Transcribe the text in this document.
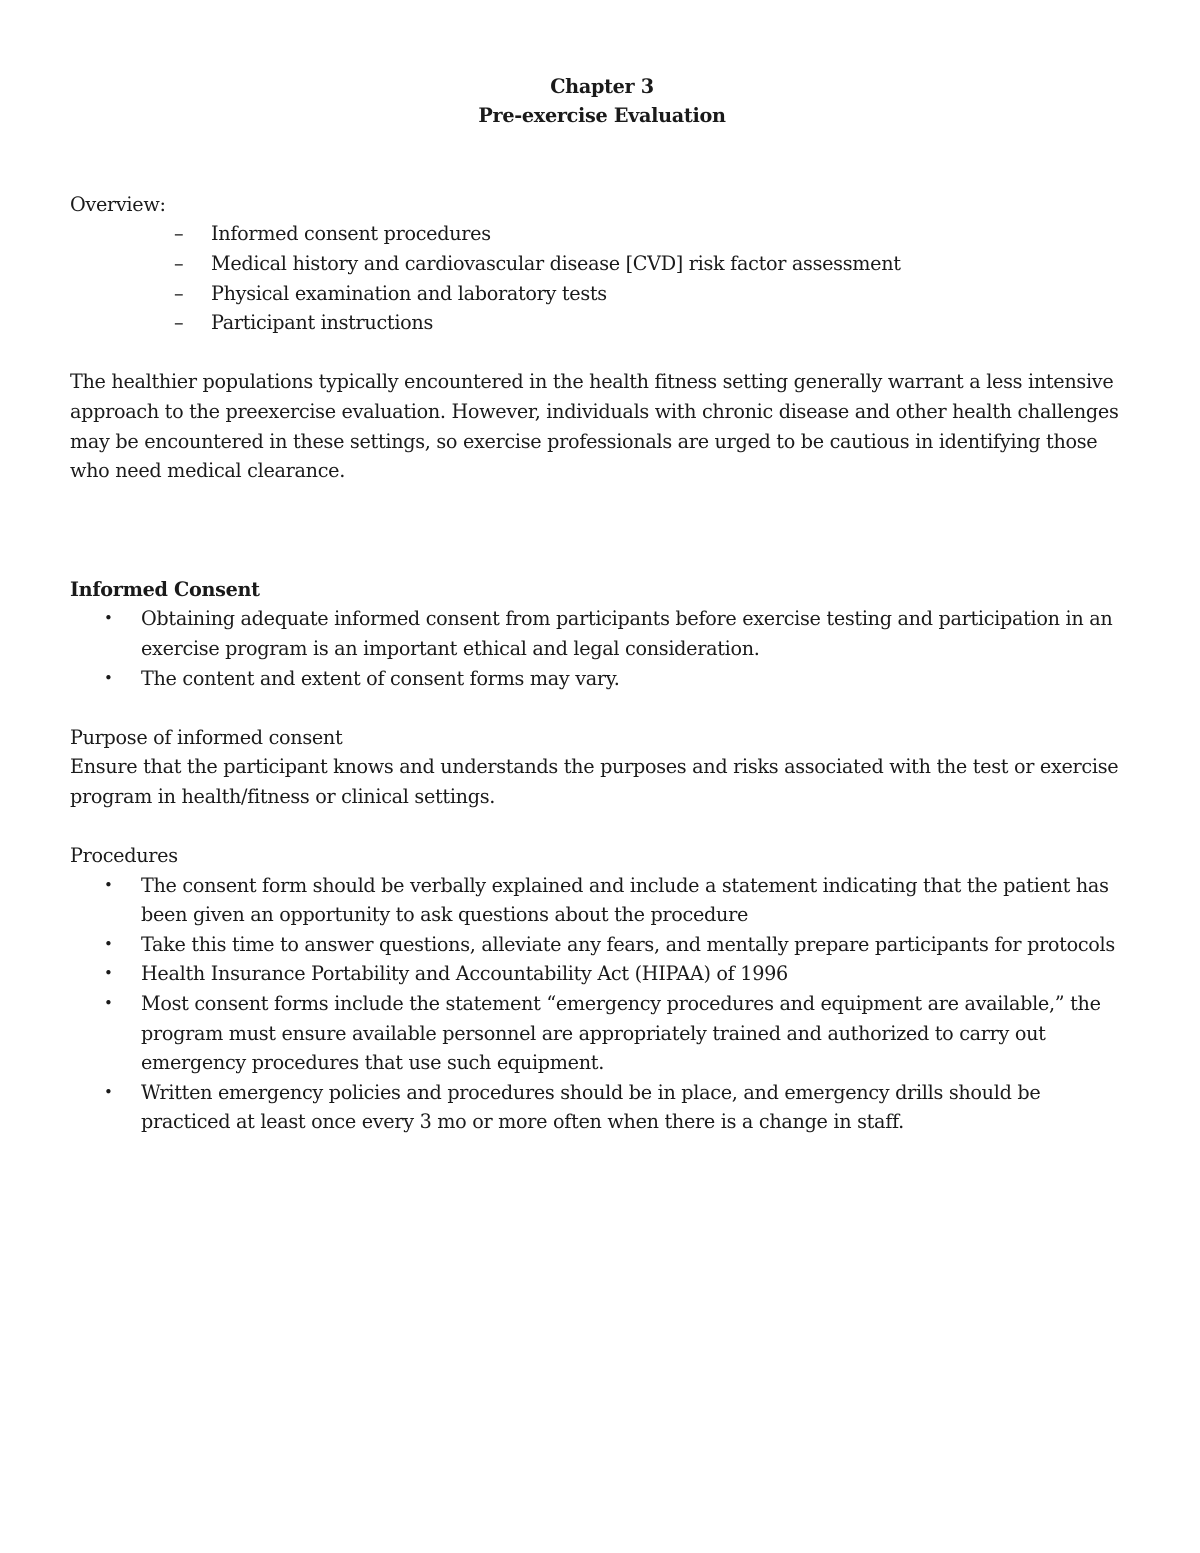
Chapter 3
Pre-exercise Evaluation
Overview:
– Informed consent procedures
– Medical history and cardiovascular disease [CVD] risk factor assessment
– Physical examination and laboratory tests
– Participant instructions

The healthier populations typically encountered in the health fitness setting generally warrant a less intensive approach to the preexercise evaluation. However, individuals with chronic disease and other health challenges may be encountered in these settings, so exercise professionals are urged to be cautious in identifying those who need medical clearance.

Informed Consent
• Obtaining adequate informed consent from participants before exercise testing and participation in an exercise program is an important ethical and legal consideration.
• The content and extent of consent forms may vary.
Purpose of informed consent

Ensure that the participant knows and understands the purposes and risks associated with the test or exercise program in health/fitness or clinical settings.

Procedures
• The consent form should be verbally explained and include a statement indicating that the patient has been given an opportunity to ask questions about the procedure
• Take this time to answer questions, alleviate any fears, and mentally prepare participants for protocols
• Health Insurance Portability and Accountability Act (HIPAA) of 1996
• Most consent forms include the statement “emergency procedures and equipment are available,” the program must ensure available personnel are appropriately trained and authorized to carry out emergency procedures that use such equipment.
• Written emergency policies and procedures should be in place, and emergency drills should be practiced at least once every 3 mo or more often when there is a change in staff.
